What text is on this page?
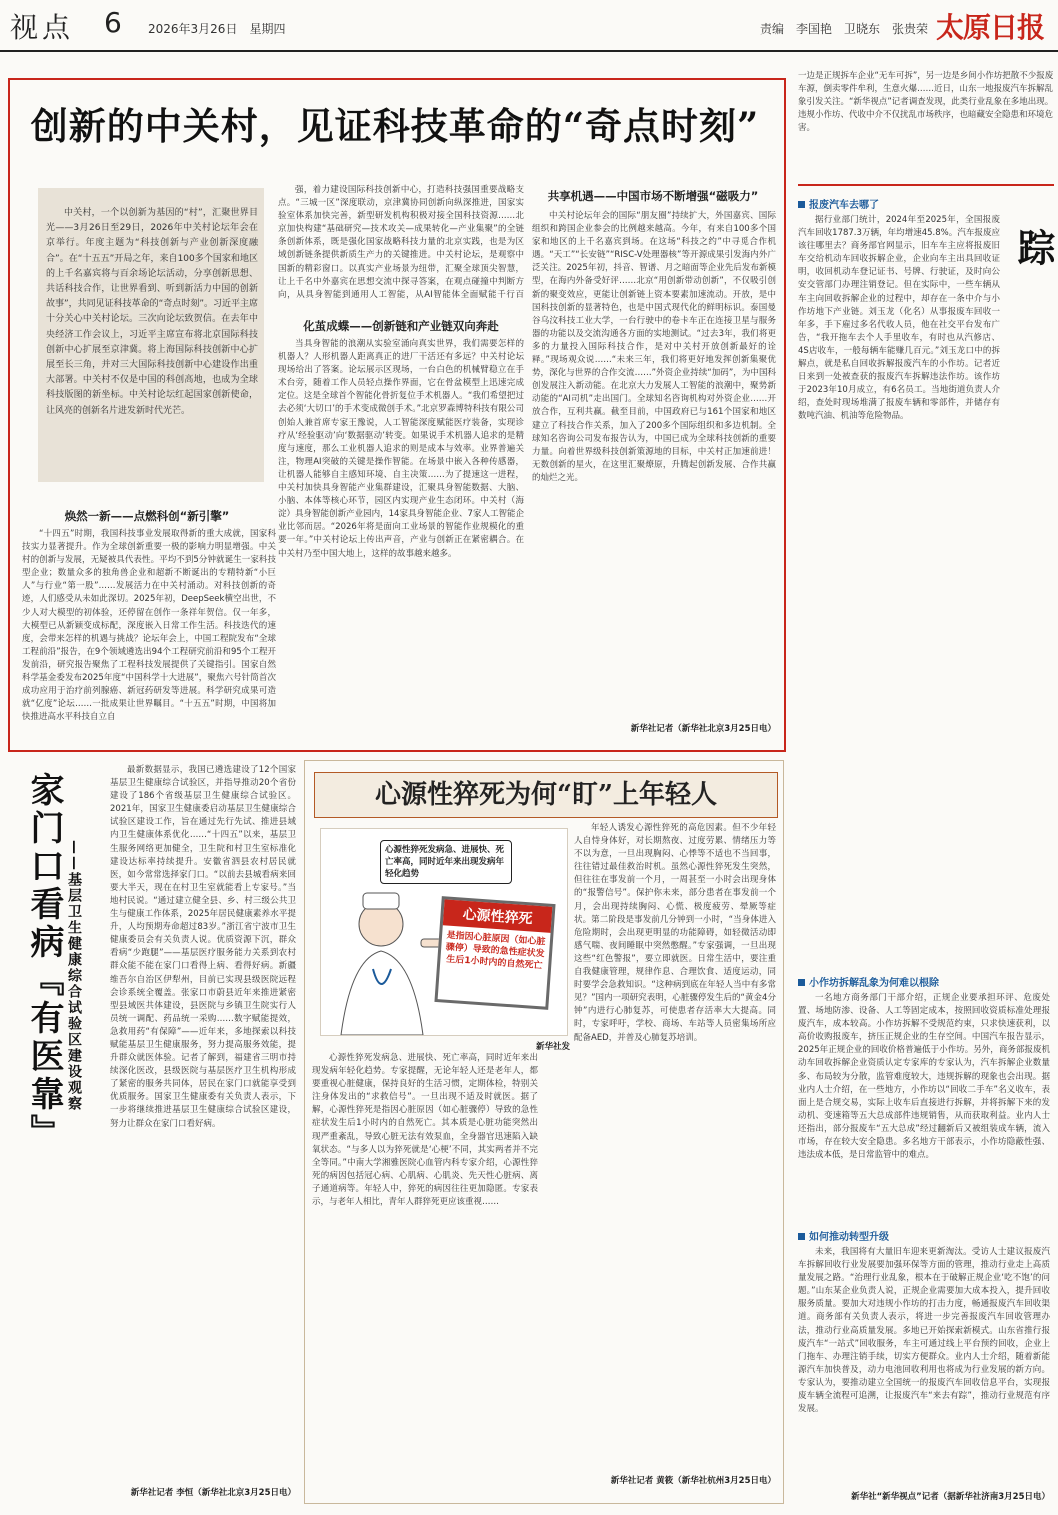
视点 6 2026年3月26日　星期四	责编　李国艳　卫晓东　张贵荣 太原日报
创新的中关村，见证科技革命的“奇点时刻”

中关村，一个以创新为基因的“村”，汇聚世界目光——3月26日至29日，2026年中关村论坛年会在京举行。年度主题为“科技创新与产业创新深度融合”。在“十五五”开局之年，来自100多个国家和地区的上千名嘉宾将与百余场论坛活动，分享创新思想、共话科技合作，让世界看到、听到新活力中国的创新故事”，共同见证科技革命的“奇点时刻”。习近平主席十分关心中关村论坛。三次向论坛致贺信。在去年中央经济工作会议上，习近平主席宣布将北京国际科技创新中心扩展至京津冀。将上海国际科技创新中心扩展至长三角，并对三大国际科技创新中心建设作出重大部署。中关村不仅是中国的科创高地，也成为全球科技版图的新坐标。中关村论坛红起国家创新使命，让风亮的创新名片进发新时代光芒。

焕然一新——点燃科创“新引擎”

“十四五”时期，我国科技事业发展取得新的重大成就，国家科技实力显著提升。作为全球创新重要一极的影响力明显增强。中关村的创新与发展，无疑被具代表性。平均不到5分钟就诞生一家科技型企业；数量众多的独角兽企业和超新不断诞出的专精特新“小巨人”与行业“第一股”……发展活力在中关村涌动。对科技创新的奇迹，人们感受从未如此深切。2025年初，DeepSeek横空出世，不少人对大模型的初体验，还停留在创作一条祥年贺信。仅一年多，大模型已从新颖变成标配，深度嵌入日常工作生活。科技迭代的速度，会带来怎样的机遇与挑战？论坛年会上，中国工程院发布“全球工程前沿”报告，在9个领域遴选出94个工程研究前沿和95个工程开发前沿，研究报告聚焦了工程科技发展提供了关键指引。国家自然科学基金委发布2025年度“中国科学十大进展”，聚焦六号针筒首次成功应用于治疗前列腺癌、新冠药研发等进展。科学研究成果可造就“亿度”论坛……一批成果让世界瞩目。“十五五”时期，中国将加快推进高水平科技自立自

强，着力建设国际科技创新中心，打造科技强国重要战略支点。“三城一区”深度联动，京津冀协同创新向纵深推进，国家实验室体系加快完善，新型研发机构积极对接全国科技资源……北京加快构建“基础研究—技术攻关—成果转化—产业集聚”的全链条创新体系，既是强化国家战略科技力量的北京实践，也是为区域创新链条提供新质生产力的关键推进。中关村论坛，是观察中国新的精彩窗口。以真实产业场景为纽带，汇聚全球顶尖智慧，让上千名中外嘉宾在思想交流中探寻答案，在观点碰撞中判断方向，从具身智能到通用人工智能，从AI智能体全面赋能千行百

化茧成蝶——创新链和产业链双向奔赴

当具身智能的浪潮从实验室涌向真实世界，我们需要怎样的机器人？人形机器人距离真正的进厂干活还有多远？中关村论坛现场给出了答案。论坛展示区现场，一台白色的机械臂稳立在手术台旁，随着工作人员轻点操作界面，它在骨盆模型上迅速完成定位。这是全球首个智能化骨折复位手术机器人。“我们希望把过去必须‘大切口’的手术变成微创手术。”北京罗森博特科技有限公司创始人兼首席专家王豫说，人工智能深度赋能医疗装备，实现诊疗从‘经验驱动’向‘数据驱动’转变。如果说手术机器人追求的是精度与速度，那么工业机器人追求的则是成本与效率。业界普遍关注，物理AI突破的关键是操作智能。在场景中嵌入各种传感器，让机器人能够自主感知环境、自主决策……为了提速这一进程，中关村加快具身智能产业集群建设，汇聚具身智能数据、大脑、小脑、本体等核心环节，园区内实现产业生态闭环。中关村（海淀）具身智能创新产业园内，14家具身智能企业、7家人工智能企业比邻而居。“2026年将是面向工业场景的智能作业规模化的重要一年。”中关村论坛上传出声音，产业与创新正在紧密耦合。在中关村乃至中国大地上，这样的故事越来越多。

共享机遇——中国市场不断增强“磁吸力”

中关村论坛年会的国际“朋友圈”持续扩大，外国嘉宾、国际组织和跨国企业参会的比例越来越高。今年，有来自100多个国家和地区的上千名嘉宾到场。在这场“科技之约”中寻觅合作机遇。“天工”“长安链”“RISC-V处理器核”等开源成果引发海内外广泛关注。2025年初，抖音、智谱、月之暗面等企业先后发布新模型，在海内外备受好评……北京“用创新带动创新”，不仅吸引创新的聚变效应，更能让创新链上资本要素加速流动。开放，是中国科技创新的显著特色，也是中国式现代化的鲜明标识。泰国曼谷乌汶科技工业大学，一台行驶中的卷卡车正在连接卫星与服务器的功能以及交流沟通各方面的实地测试。“过去3年，我们将更多的力量投入国际科技合作，是对中关村开放创新最好的诠释。”现场观众说……“未来三年，我们将更好地发挥创新集聚优势，深化与世界的合作交流……”外资企业持续“加码”，为中国科创发展注入新动能。在北京大力发展人工智能的浪潮中，聚势新动能的“AI司机”走出国门。全球知名咨询机构对外资企业……开放合作，互利共赢。截至目前，中国政府已与161个国家和地区建立了科技合作关系，加入了200多个国际组织和多边机制。全球知名咨询公司发布报告认为，中国已成为全球科技创新的重要力量。向着世界级科技创新策源地的目标，中关村正加速前进！无数创新的星火，在这里汇聚燎原，升腾起创新发展、合作共赢的灿烂之光。

新华社记者（新华社北京3月25日电）
家门口看病『有医靠』 ——基层卫生健康综合试验区建设观察

最新数据显示，我国已遴选建设了12个国家基层卫生健康综合试验区，并指导推动20个省份建设了186个省级基层卫生健康综合试验区。2021年，国家卫生健康委启动基层卫生健康综合试验区建设工作，旨在通过先行先试、推进县域内卫生健康体系优化……“十四五”以来，基层卫生服务网络更加健全，卫生院和村卫生室标准化建设达标率持续提升。安徽省泗县农村居民就医，如今常常选择家门口。“以前去县城看病来回要大半天，现在在村卫生室就能看上专家号。”当地村民说。“通过建立健全县、乡、村三级公共卫生与健康工作体系，2025年居民健康素养水平提升，人均预期寿命超过83岁。”浙江省宁波市卫生健康委员会有关负责人说。优质资源下沉，群众看病“少跑腿”——基层医疗服务能力关系到农村群众能不能在家门口看得上病、看得好病。新疆维吾尔自治区伊犁州，目前已实现县级医院远程会诊系统全覆盖。张家口市蔚县近年来推进紧密型县域医共体建设，县医院与乡镇卫生院实行人员统一调配、药品统一采购……数字赋能提效，急救用药“有保障”——近年来，多地探索以科技赋能基层卫生健康服务，努力提高服务效能，提升群众就医体验。记者了解到，福建省三明市持续深化医改，县级医院与基层医疗卫生机构形成了紧密的服务共同体，居民在家门口就能享受到优质服务。国家卫生健康委有关负责人表示，下一步将继续推进基层卫生健康综合试验区建设，努力让群众在家门口看好病。

新华社记者 李恒（新华社北京3月25日电）
心源性猝死为何“盯”上年轻人
心源性猝死发病急、进展快、死亡率高，同时近年来出现发病年轻化趋势
心源性猝死
是指因心脏原因（如心脏骤停）导致的急性症状发生后1小时内的自然死亡
新华社发

心源性猝死发病急、进展快、死亡率高，同时近年来出现发病年轻化趋势。专家提醒，无论年轻人还是老年人，都要重视心脏健康，保持良好的生活习惯，定期体检，特别关注身体发出的“求救信号”。一旦出现不适及时就医。据了解，心源性猝死是指因心脏原因（如心脏骤停）导致的急性症状发生后1小时内的自然死亡。其本质是心脏功能突然出现严重紊乱，导致心脏无法有效泵血，全身器官迅速陷入缺氧状态。“与多人以为猝死就是‘心梗’不同，其实两者并不完全等同。”中南大学湘雅医院心血管内科专家介绍，心源性猝死的病因包括冠心病、心肌病、心肌炎、先天性心脏病、离子通道病等。年轻人中，猝死的病因往往更加隐匿。专家表示，与老年人相比，青年人群猝死更应该重视……

年轻人诱发心源性猝死的高危因素。但不少年轻人自恃身体好，对长期熬夜、过度劳累、情绪压力等不以为意，一旦出现胸闷、心悸等不适也不当回事，往往错过最佳救治时机。虽然心源性猝死发生突然，但往往在事发前一个月，一周甚至一小时会出现身体的“报警信号”。保护你未来，部分患者在事发前一个月，会出现持续胸闷、心慌、极度疲劳、晕厥等症状。第二阶段是事发前几分钟到一小时，“当身体进入危险期时，会出现更明显的功能障碍，如轻微活动即感气喘、夜间睡眠中突然憋醒。”专家强调，一旦出现这些“红色警报”，要立即就医。日常生活中，要注重自我健康管理，规律作息、合理饮食、适度运动，同时要学会急救知识。“这种病到底在年轻人当中有多常见？”国内一项研究表明，心脏骤停发生后的“黄金4分钟”内进行心肺复苏，可使患者存活率大大提高。同时，专家呼吁，学校、商场、车站等人员密集场所应配备AED，并普及心肺复苏培训。

新华社记者 黄筱（新华社杭州3月25日电）
一边是正规拆车企业“无车可拆”，另一边是乡间小作坊把散不少报废车源，倒卖零件牟利，生意火爆……近日，山东一地报废汽车拆解乱象引发关注。“新华视点”记者调查发现，此类行业乱象在多地出现。违规小作坊、代收中介不仅扰乱市场秩序，也暗藏安全隐患和环境危害。
踪
报废汽车去哪了

据行业部门统计，2024年至2025年，全国报废汽车回收1787.3万辆，年均增速45.8%。汽车报废应该往哪里去？商务部官网显示，旧车车主应将报废旧车交给机动车回收拆解企业，企业向车主出具回收证明，收回机动车登记证书、号牌、行驶证，及时向公安交管部门办理注销登记。但在实际中，一些车辆从车主向回收拆解企业的过程中，却存在一条中介与小作坊地下产业链。刘玉龙（化名）从事报废车回收一年多，手下雇过多名代收人员，他在社交平台发布广告，“我开拖车去个人手里收车，有时也从汽修店、4S店收车，一般每辆车能赚几百元。”刘玉龙口中的拆解点，就是私自回收拆解报废汽车的小作坊。记者近日来到一处被查获的报废汽车拆解违法作坊。该作坊于2023年10月成立，有6名员工。当地街道负责人介绍，查处时现场堆满了报废车辆和零部件，并储存有数吨汽油、机油等危险物品。

小作坊拆解乱象为何难以根除

一名地方商务部门干部介绍，正规企业要承担环评、危废处置、场地防渗、设备、人工等固定成本，按照回收资质标准处理报废汽车，成本较高。小作坊拆解不受规范约束，只求快速获利，以高价收购报废车，挤压正规企业的生存空间。中国汽车报告显示，2025年正规企业的回收价格普遍低于小作坊。另外，商务部报废机动车回收拆解企业资质认定专家库的专家认为，汽车拆解企业数量多、布局较为分散，监管难度较大，违规拆解的现象也会出现。据业内人士介绍，在一些地方，小作坊以“回收二手车”名义收车，表面上是合规交易，实际上收车后直接进行拆解，并将拆解下来的发动机、变速箱等五大总成部件违规销售，从而获取利益。业内人士还指出，部分报废车“五大总成”经过翻新后又被组装成车辆，流入市场，存在较大安全隐患。多名地方干部表示，小作坊隐蔽性强、违法成本低，是日常监管中的难点。

如何推动转型升级

未来，我国将有大量旧车迎来更新淘汰。受访人士建议报废汽车拆解回收行业发展要加强环保等方面的管理，推动行业走上高质量发展之路。“治理行业乱象，根本在于破解正规企业‘吃不饱’的问题。”山东某企业负责人说，正规企业需要加大成本投入，提升回收服务质量。要加大对违规小作坊的打击力度，畅通报废汽车回收渠道。商务部有关负责人表示，将进一步完善报废汽车回收管理办法，推动行业高质量发展。多地已开始探索新模式。山东省推行报废汽车“一站式”回收服务，车主可通过线上平台预约回收，企业上门拖车、办理注销手续，切实方便群众。业内人士介绍，随着新能源汽车加快普及，动力电池回收利用也将成为行业发展的新方向。专家认为，要推动建立全国统一的报废汽车回收信息平台，实现报废车辆全流程可追溯，让报废汽车“来去有踪”，推动行业规范有序发展。

新华社“新华视点”记者（据新华社济南3月25日电）
